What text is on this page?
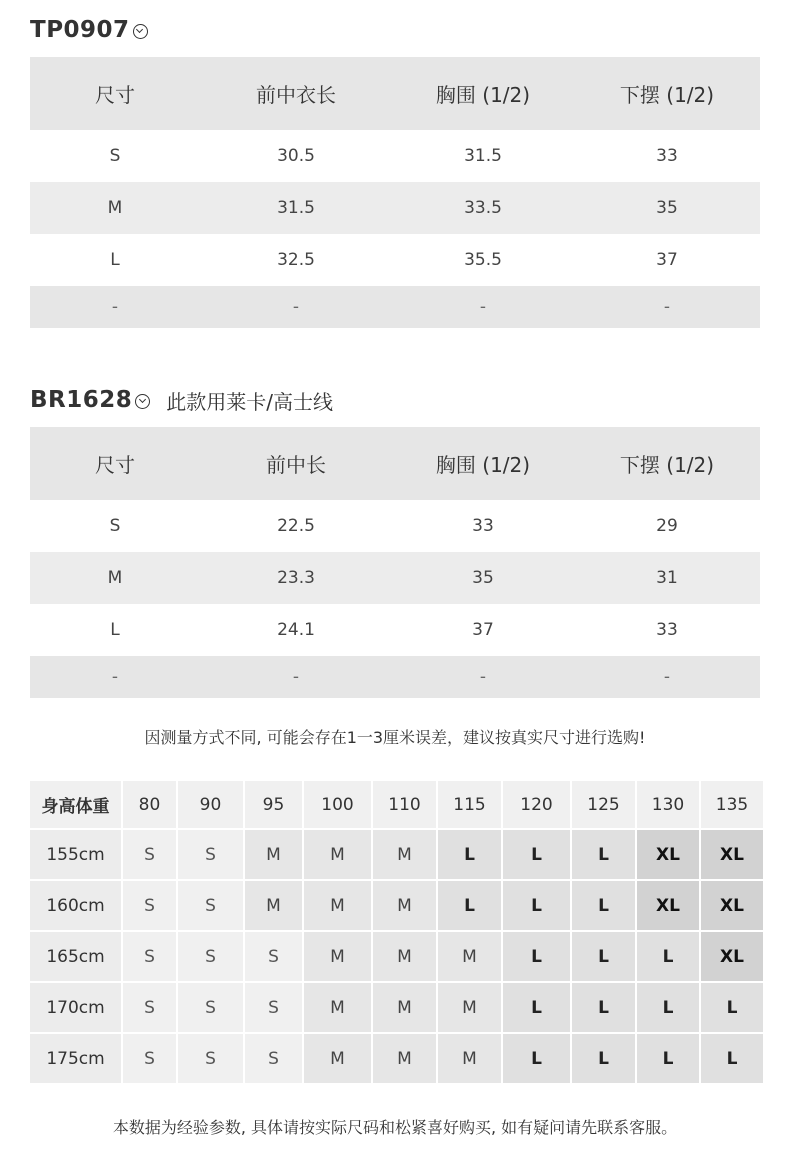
TP0907
尺寸	前中衣长	胸围 (1/2)	下摆 (1/2)
S	30.5	31.5	33
M	31.5	33.5	35
L	32.5	35.5	37
-	-	-	-
BR1628 此款用莱卡/高士线
尺寸	前中长	胸围 (1/2)	下摆 (1/2)
S	22.5	33	29
M	23.3	35	31
L	24.1	37	33
-	-	-	-
因测量方式不同, 可能会存在1一3厘米误差，建议按真实尺寸进行选购!
身高体重	80	90	95	100	110	115	120	125	130	135
155cm	S	S	M	M	M	L	L	L	XL	XL
160cm	S	S	M	M	M	L	L	L	XL	XL
165cm	S	S	S	M	M	M	L	L	L	XL
170cm	S	S	S	M	M	M	L	L	L	L
175cm	S	S	S	M	M	M	L	L	L	L
本数据为经验参数, 具体请按实际尺码和松紧喜好购买, 如有疑问请先联系客服。
